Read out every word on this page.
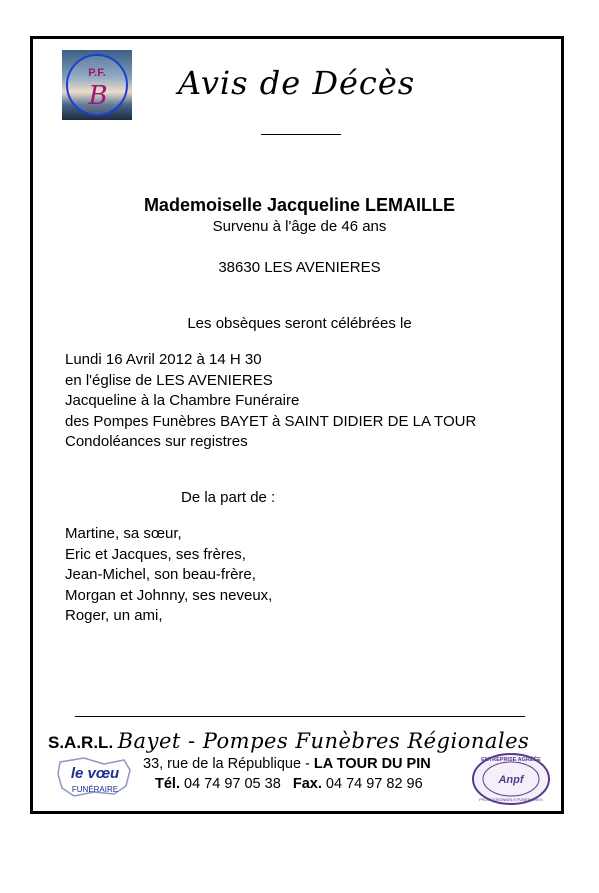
P.F.
B Avis de Décès
Mademoiselle Jacqueline LEMAILLE
Survenu à l'âge de 46 ans
38630 LES AVENIERES
Les obsèques seront célébrées le
Lundi 16 Avril 2012 à 14 H 30
en l'église de LES AVENIERES
Jacqueline à la Chambre Funéraire
des Pompes Funèbres BAYET à SAINT DIDIER DE LA TOUR
Condoléances sur registres
De la part de :
Martine, sa sœur,
Eric et Jacques, ses frères,
Jean-Michel, son beau-frère,
Morgan et Johnny, ses neveux,
Roger, un ami,
S.A.R.L. Bayet - Pompes Funèbres Régionales
le vœu
FUNÉRAIRE
33, rue de la République - LA TOUR DU PIN
Tél. 04 74 97 05 38 Fax. 04 74 97 82 96
ENTREPRISE AGRÉÉE
Anpf
PROFESSIONNELS FUNÉRAIRES
